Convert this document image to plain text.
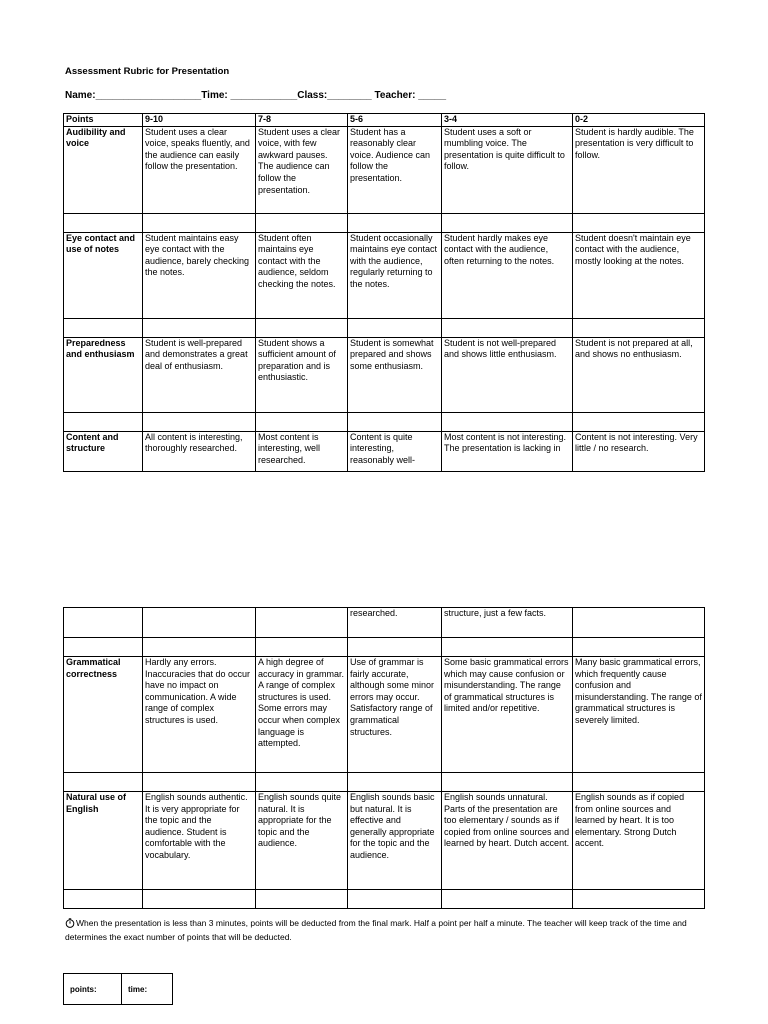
Assessment Rubric for Presentation
Name:___________________Time: ____________Class:________ Teacher: _____
Points	9-10	7-8	5-6	3-4	0-2
Audibility and voice	Student uses a clear voice, speaks fluently, and the audience can easily follow the presentation.	Student uses a clear voice, with few awkward pauses. The audience can follow the presentation.	Student has a reasonably clear voice. Audience can follow the presentation.	Student uses a soft or mumbling voice. The presentation is quite difficult to follow.	Student is hardly audible. The presentation is very difficult to follow.

Eye contact and use of notes	Student maintains easy eye contact with the audience, barely checking the notes.	Student often maintains eye contact with the audience, seldom checking the notes.	Student occasionally maintains eye contact with the audience, regularly returning to the notes.	Student hardly makes eye contact with the audience, often returning to the notes.	Student doesn't maintain eye contact with the audience, mostly looking at the notes.

Preparedness and enthusiasm	Student is well-prepared and demonstrates a great deal of enthusiasm.	Student shows a sufficient amount of preparation and is enthusiastic.	Student is somewhat prepared and shows some enthusiasm.	Student is not well-prepared and shows little enthusiasm.	Student is not prepared at all, and shows no enthusiasm.

Content and structure	All content is interesting, thoroughly researched.	Most content is interesting, well researched.	Content is quite interesting, reasonably well-	Most content is not interesting. The presentation is lacking in	Content is not interesting. Very little / no research.
			researched.	structure, just a few facts.	

Grammatical correctness	Hardly any errors. Inaccuracies that do occur have no impact on communication. A wide range of complex structures is used.	A high degree of accuracy in grammar. A range of complex structures is used. Some errors may occur when complex language is attempted.	Use of grammar is fairly accurate, although some minor errors may occur. Satisfactory range of grammatical structures.	Some basic grammatical errors which may cause confusion or misunderstanding. The range of grammatical structures is limited and/or repetitive.	Many basic grammatical errors, which frequently cause confusion and misunderstanding. The range of grammatical structures is severely limited.

Natural use of English	English sounds authentic. It is very appropriate for the topic and the audience. Student is comfortable with the vocabulary.	English sounds quite natural. It is appropriate for the topic and the audience.	English sounds basic but natural. It is effective and generally appropriate for the topic and the audience.	English sounds unnatural. Parts of the presentation are too elementary / sounds as if copied from online sources and learned by heart. Dutch accent.	English sounds as if copied from online sources and learned by heart. It is too elementary. Strong Dutch accent.

When the presentation is less than 3 minutes, points will be deducted from the final mark. Half a point per half a minute. The teacher will keep track of the time and determines the exact number of points that will be deducted.
points:	time:
